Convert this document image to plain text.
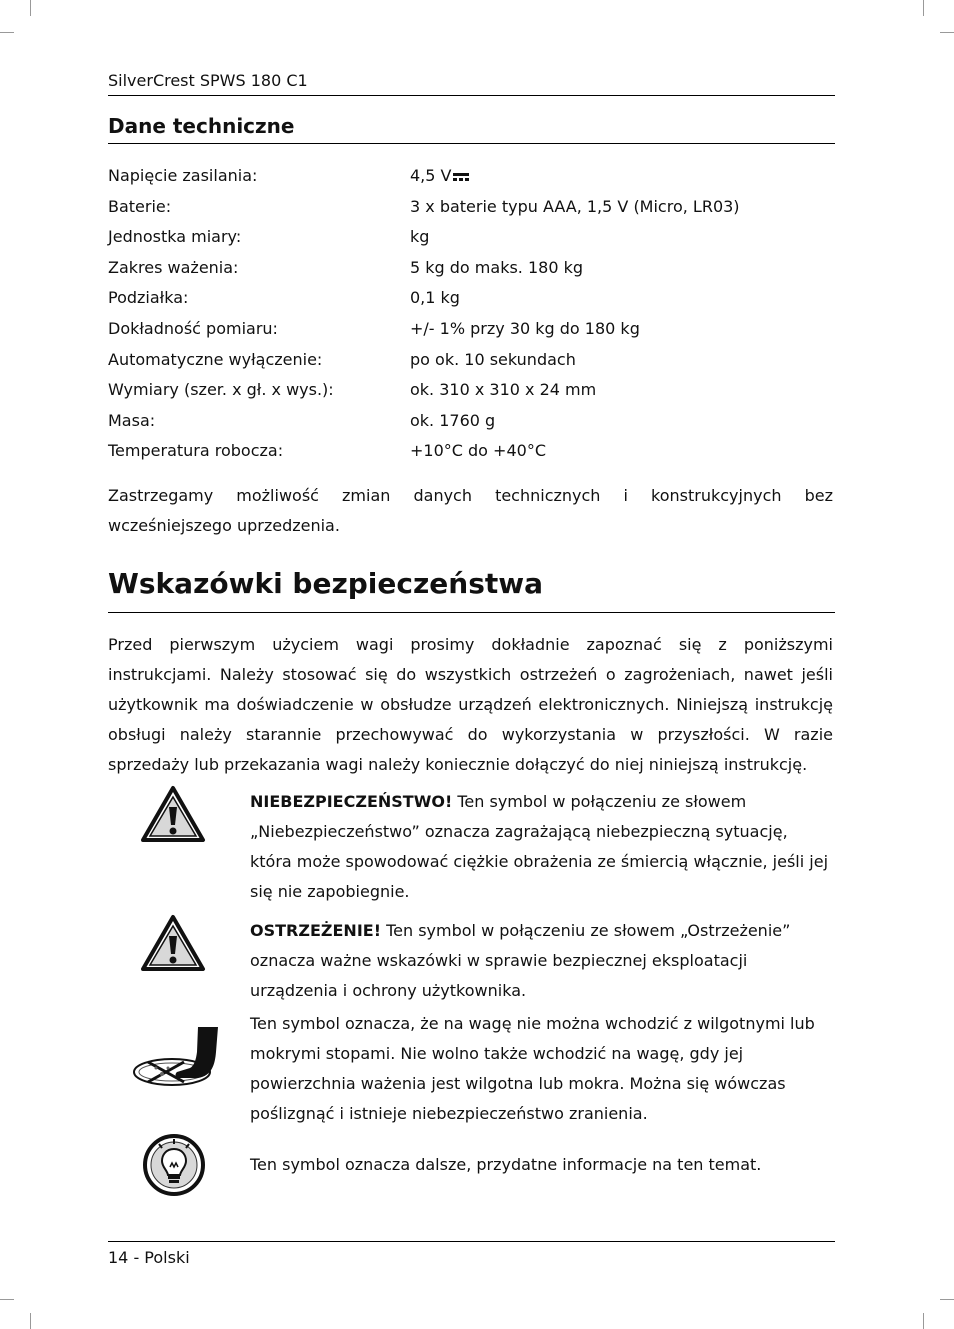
SilverCrest SPWS 180 C1
Dane techniczne
Napięcie zasilania:	4,5 V
Baterie:	3 x baterie typu AAA, 1,5 V (Micro, LR03)
Jednostka miary:	kg
Zakres ważenia:	5 kg do maks. 180 kg
Podziałka:	0,1 kg
Dokładność pomiaru:	+/- 1% przy 30 kg do 180 kg
Automatyczne wyłączenie:	po ok. 10 sekundach
Wymiary (szer. x gł. x wys.):	ok. 310 x 310 x 24 mm
Masa:	ok. 1760 g
Temperatura robocza:	+10°C do +40°C
Zastrzegamy możliwość zmian danych technicznych i konstrukcyjnych bez wcześniejszego uprzedzenia.
Wskazówki bezpieczeństwa
Przed pierwszym użyciem wagi prosimy dokładnie zapoznać się z poniższymi instrukcjami. Należy stosować się do wszystkich ostrzeżeń o zagrożeniach, nawet jeśli użytkownik ma doświadczenie w obsłudze urządzeń elektronicznych. Niniejszą instrukcję obsługi należy starannie przechowywać do wykorzystania w przyszłości. W razie sprzedaży lub przekazania wagi należy koniecznie dołączyć do niej niniejszą instrukcję.
NIEBEZPIECZEŃSTWO! Ten symbol w połączeniu ze słowem „Niebezpieczeństwo” oznacza zagrażającą niebezpieczną sytuację, która może spowodować ciężkie obrażenia ze śmiercią włącznie, jeśli jej się nie zapobiegnie.
OSTRZEŻENIE! Ten symbol w połączeniu ze słowem „Ostrzeżenie” oznacza ważne wskazówki w sprawie bezpiecznej eksploatacji urządzenia i ochrony użytkownika.
Ten symbol oznacza, że na wagę nie można wchodzić z wilgotnymi lub mokrymi stopami. Nie wolno także wchodzić na wagę, gdy jej powierzchnia ważenia jest wilgotna lub mokra. Można się wówczas poślizgnąć i istnieje niebezpieczeństwo zranienia.
Ten symbol oznacza dalsze, przydatne informacje na ten temat.
14 - Polski
